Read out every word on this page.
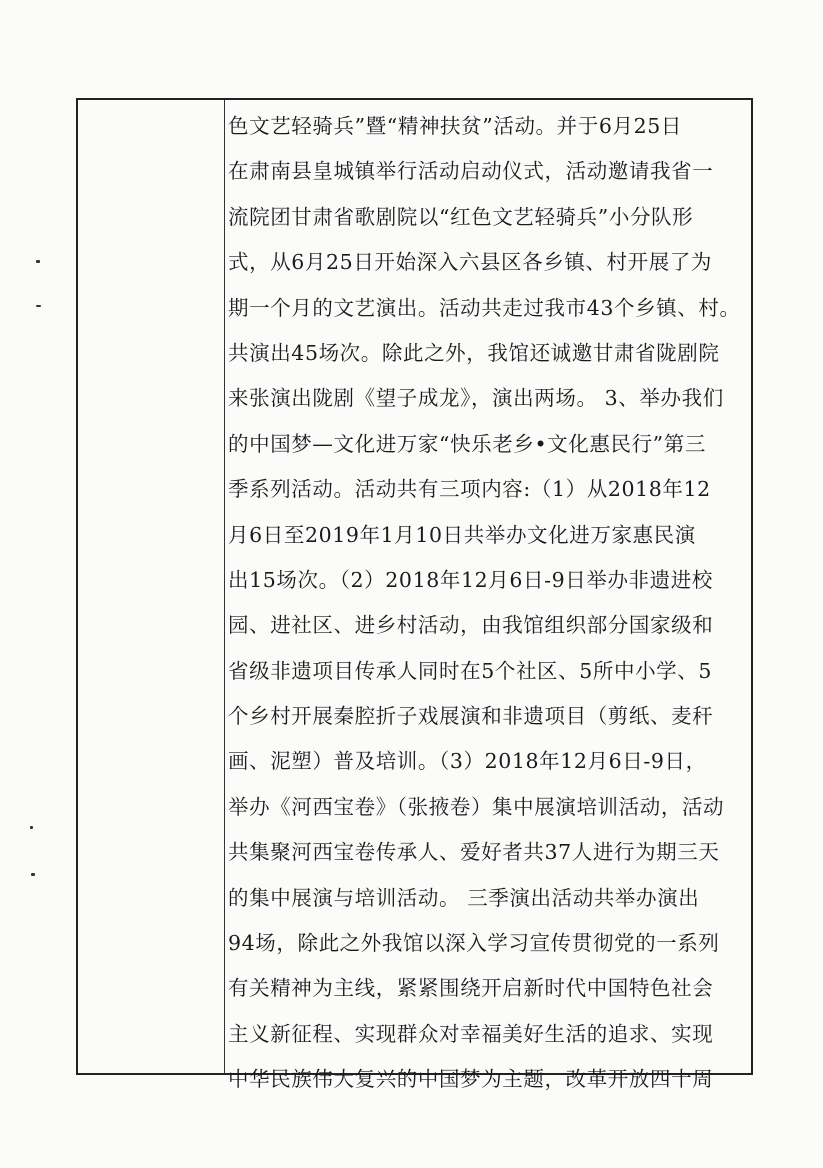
色文艺轻骑兵”暨“精神扶贫”活动。并于6月25日
在肃南县皇城镇举行活动启动仪式，活动邀请我省一
流院团甘肃省歌剧院以“红色文艺轻骑兵”小分队形
式，从6月25日开始深入六县区各乡镇、村开展了为
期一个月的文艺演出。活动共走过我市43个乡镇、村。
共演出45场次。除此之外，我馆还诚邀甘肃省陇剧院
来张演出陇剧《望子成龙》，演出两场。 3、举办我们
的中国梦—文化进万家“快乐老乡•文化惠民行”第三
季系列活动。活动共有三项内容:（1）从2018年12
月6日至2019年1月10日共举办文化进万家惠民演
出15场次。（2）2018年12月6日-9日举办非遗进校
园、进社区、进乡村活动，由我馆组织部分国家级和
省级非遗项目传承人同时在5个社区、5所中小学、5
个乡村开展秦腔折子戏展演和非遗项目（剪纸、麦秆
画、泥塑）普及培训。（3）2018年12月6日-9日，
举办《河西宝卷》（张掖卷）集中展演培训活动，活动
共集聚河西宝卷传承人、爱好者共37人进行为期三天
的集中展演与培训活动。 三季演出活动共举办演出
94场，除此之外我馆以深入学习宣传贯彻党的一系列
有关精神为主线，紧紧围绕开启新时代中国特色社会
主义新征程、实现群众对幸福美好生活的追求、实现
中华民族伟大复兴的中国梦为主题，改革开放四十周
